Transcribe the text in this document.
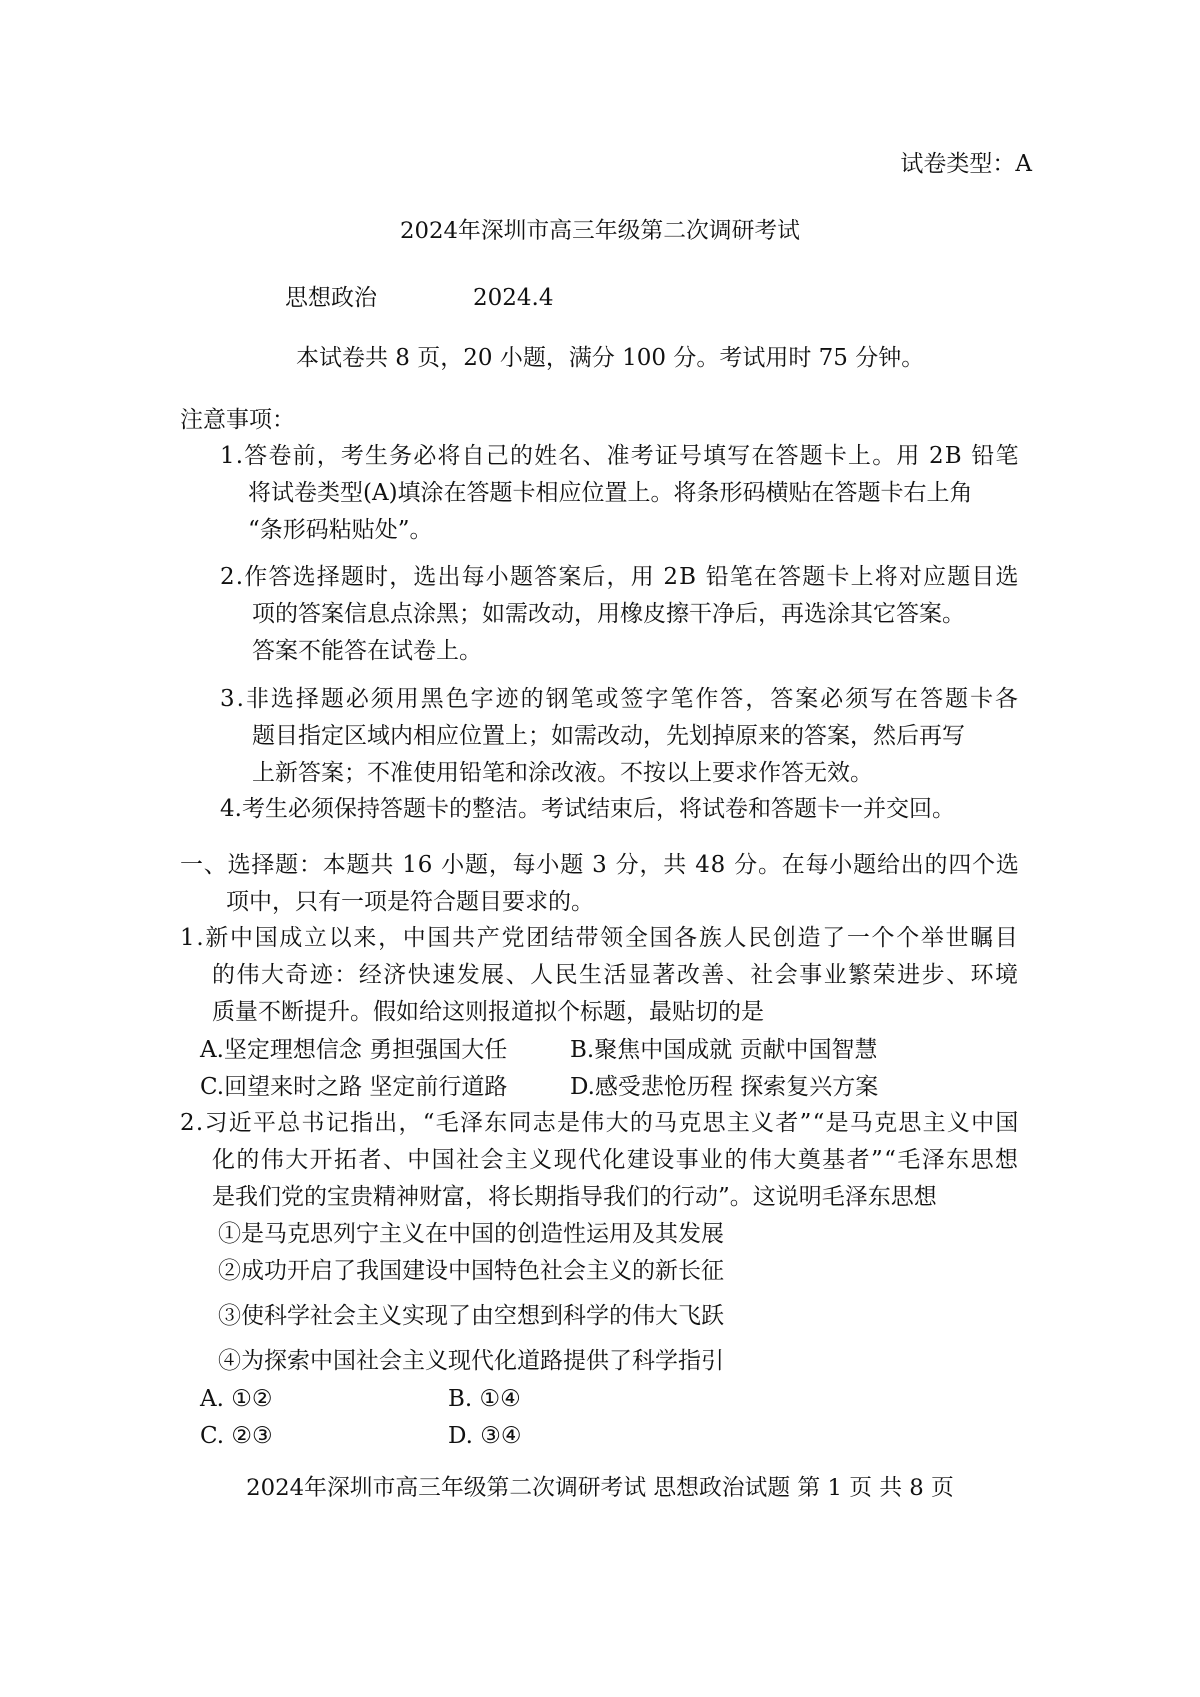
试卷类型：A
2024年深圳市高三年级第二次调研考试
思想政治	2024.4
本试卷共 8 页，20 小题，满分 100 分。考试用时 75 分钟。
注意事项：
1.答卷前，考生务必将自己的姓名、准考证号填写在答题卡上。用 2B 铅笔
将试卷类型(A)填涂在答题卡相应位置上。将条形码横贴在答题卡右上角
“条形码粘贴处”。
2.作答选择题时，选出每小题答案后，用 2B 铅笔在答题卡上将对应题目选
项的答案信息点涂黑；如需改动，用橡皮擦干净后，再选涂其它答案。
答案不能答在试卷上。
3.非选择题必须用黑色字迹的钢笔或签字笔作答，答案必须写在答题卡各
题目指定区域内相应位置上；如需改动，先划掉原来的答案，然后再写
上新答案；不准使用铅笔和涂改液。不按以上要求作答无效。
4.考生必须保持答题卡的整洁。考试结束后，将试卷和答题卡一并交回。
一、选择题：本题共 16 小题，每小题 3 分，共 48 分。在每小题给出的四个选
项中，只有一项是符合题目要求的。
1.新中国成立以来，中国共产党团结带领全国各族人民创造了一个个举世瞩目
的伟大奇迹：经济快速发展、人民生活显著改善、社会事业繁荣进步、环境
质量不断提升。假如给这则报道拟个标题，最贴切的是
A.坚定理想信念 勇担强国大任	B.聚焦中国成就 贡献中国智慧
C.回望来时之路 坚定前行道路	D.感受悲怆历程 探索复兴方案
2.习近平总书记指出，“毛泽东同志是伟大的马克思主义者”“是马克思主义中国
化的伟大开拓者、中国社会主义现代化建设事业的伟大奠基者”“毛泽东思想
是我们党的宝贵精神财富，将长期指导我们的行动”。这说明毛泽东思想
①是马克思列宁主义在中国的创造性运用及其发展
②成功开启了我国建设中国特色社会主义的新长征
③使科学社会主义实现了由空想到科学的伟大飞跃
④为探索中国社会主义现代化道路提供了科学指引
A. ①②	B. ①④
C. ②③	D. ③④
2024年深圳市高三年级第二次调研考试 思想政治试题 第 1 页 共 8 页
